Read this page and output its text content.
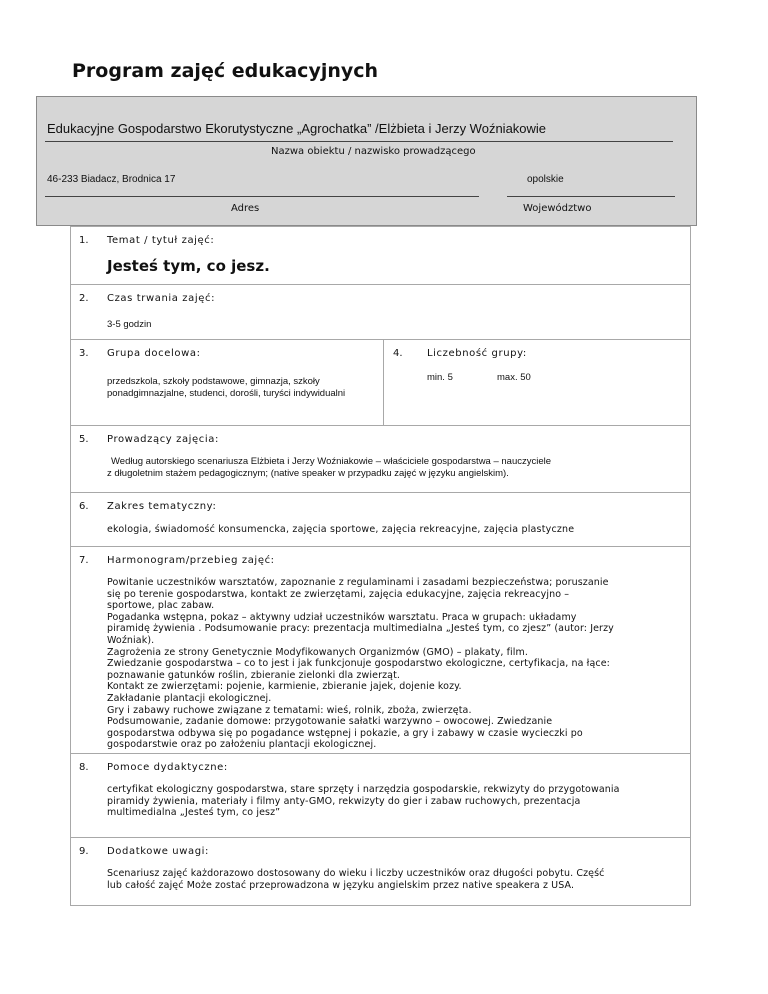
Program zajęć edukacyjnych
Edukacyjne Gospodarstwo Ekorutystyczne „Agrochatka” /Elżbieta i Jerzy Woźniakowie
Nazwa obiektu / nazwisko prowadzącego
46-233 Biadacz, Brodnica 17	opolskie
Adres	Województwo
1. Temat / tytuł zajęć:
Jesteś tym, co jesz.
2. Czas trwania zajęć:
3-5 godzin
3. Grupa docelowa:
przedszkola, szkoły podstawowe, gimnazja, szkoły ponadgimnazjalne, studenci, dorośli, turyści indywidualni
4. Liczebność grupy:
min. 5	max. 50
5. Prowadzący zajęcia:
Według autorskiego scenariusza Elżbieta i Jerzy Woźniakowie – właściciele gospodarstwa – nauczyciele
z długoletnim stażem pedagogicznym; (native speaker w przypadku zajęć w języku angielskim).
6. Zakres tematyczny:
ekologia, świadomość konsumencka, zajęcia sportowe, zajęcia rekreacyjne, zajęcia plastyczne
7. Harmonogram/przebieg zajęć:
Powitanie uczestników warsztatów, zapoznanie z regulaminami i zasadami bezpieczeństwa; poruszanie
się po terenie gospodarstwa, kontakt ze zwierzętami, zajęcia edukacyjne, zajęcia rekreacyjno –
sportowe, plac zabaw.
Pogadanka wstępna, pokaz – aktywny udział uczestników warsztatu. Praca w grupach: układamy
piramidę żywienia . Podsumowanie pracy: prezentacja multimedialna „Jesteś tym, co zjesz” (autor: Jerzy
Woźniak).
Zagrożenia ze strony Genetycznie Modyfikowanych Organizmów (GMO) – plakaty, film.
Zwiedzanie gospodarstwa – co to jest i jak funkcjonuje gospodarstwo ekologiczne, certyfikacja, na łące:
poznawanie gatunków roślin, zbieranie zielonki dla zwierząt.
Kontakt ze zwierzętami: pojenie, karmienie, zbieranie jajek, dojenie kozy.
Zakładanie plantacji ekologicznej.
Gry i zabawy ruchowe związane z tematami: wieś, rolnik, zboża, zwierzęta.
Podsumowanie, zadanie domowe: przygotowanie sałatki warzywno – owocowej. Zwiedzanie
gospodarstwa odbywa się po pogadance wstępnej i pokazie, a gry i zabawy w czasie wycieczki po
gospodarstwie oraz po założeniu plantacji ekologicznej.
8. Pomoce dydaktyczne:
certyfikat ekologiczny gospodarstwa, stare sprzęty i narzędzia gospodarskie, rekwizyty do przygotowania
piramidy żywienia, materiały i filmy anty-GMO, rekwizyty do gier i zabaw ruchowych, prezentacja
multimedialna „Jesteś tym, co jesz”
9. Dodatkowe uwagi:
Scenariusz zajęć każdorazowo dostosowany do wieku i liczby uczestników oraz długości pobytu. Część
lub całość zajęć Może zostać przeprowadzona w języku angielskim przez native speakera z USA.
